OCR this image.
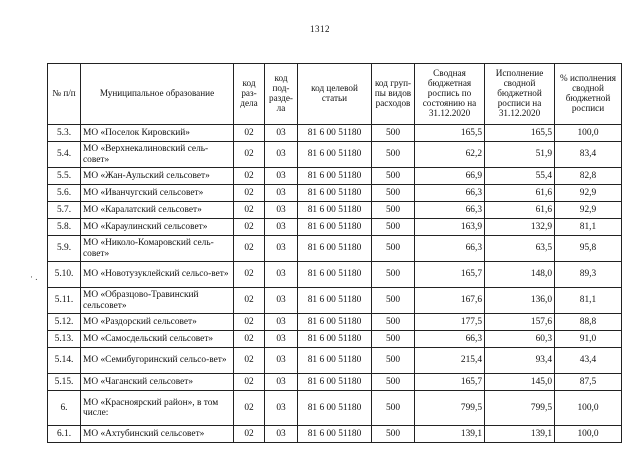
1312
· .
№ п/п	Муниципальное образование	код раз-дела	код под-разде-ла	код целевой статьи	код груп-пы видов расходов	Сводная бюджетная роспись по состоянию на 31.12.2020	Исполнение сводной бюджетной росписи на 31.12.2020	% исполнения сводной бюджетной росписи
5.3.	МО «Поселок Кировский»	02	03	81 6 00 51180	500	165,5	165,5	100,0
5.4.	МО «Верхнекалиновский сель-совет»	02	03	81 6 00 51180	500	62,2	51,9	83,4
5.5.	МО «Жан-Аульский сельсовет»	02	03	81 6 00 51180	500	66,9	55,4	82,8
5.6.	МО «Иванчугский сельсовет»	02	03	81 6 00 51180	500	66,3	61,6	92,9
5.7.	МО «Каралатский сельсовет»	02	03	81 6 00 51180	500	66,3	61,6	92,9
5.8.	МО «Караулинский сельсовет»	02	03	81 6 00 51180	500	163,9	132,9	81,1
5.9.	МО «Николо-Комаровский сель-совет»	02	03	81 6 00 51180	500	66,3	63,5	95,8
5.10.	МО «Новотузуклейский сельсо-вет»	02	03	81 6 00 51180	500	165,7	148,0	89,3
5.11.	МО «Образцово-Травинский сельсовет»	02	03	81 6 00 51180	500	167,6	136,0	81,1
5.12.	МО «Раздорский сельсовет»	02	03	81 6 00 51180	500	177,5	157,6	88,8
5.13.	МО «Самосдельский сельсовет»	02	03	81 6 00 51180	500	66,3	60,3	91,0
5.14.	МО «Семибугоринский сельсо-вет»	02	03	81 6 00 51180	500	215,4	93,4	43,4
5.15.	МО «Чаганский сельсовет»	02	03	81 6 00 51180	500	165,7	145,0	87,5
6.	МО «Красноярский район», в том числе:	02	03	81 6 00 51180	500	799,5	799,5	100,0
6.1.	МО «Ахтубинский сельсовет»	02	03	81 6 00 51180	500	139,1	139,1	100,0
